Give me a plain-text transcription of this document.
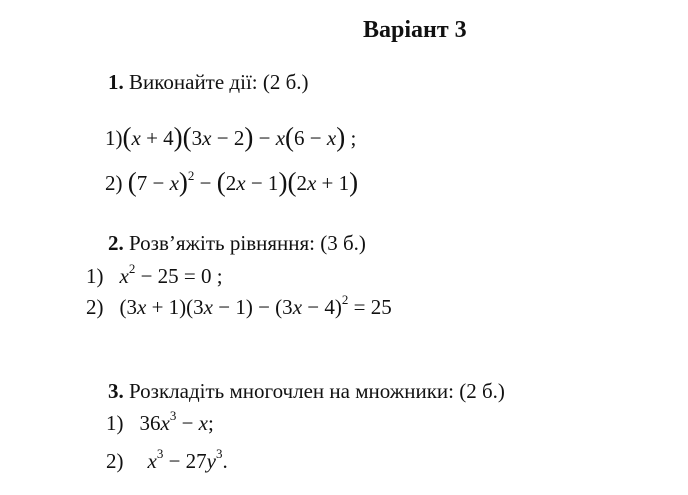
Варіант 3
1. Виконайте дії: (2 б.)
1)(x + 4)(3x − 2) − x(6 − x) ;
2) $(7 - x)^2 - (2x - 1)(2x + 1)$
2. Розв’яжіть рівняння: (3 б.)
1) $x^2 - 25 = 0$ ;
2) $(3x + 1)(3x - 1) - (3x - 4)^2 = 25$
3. Розкладіть многочлен на множники: (2 б.)
1) $36x^3 - x$;
2) $x^3 - 27y^3$.
